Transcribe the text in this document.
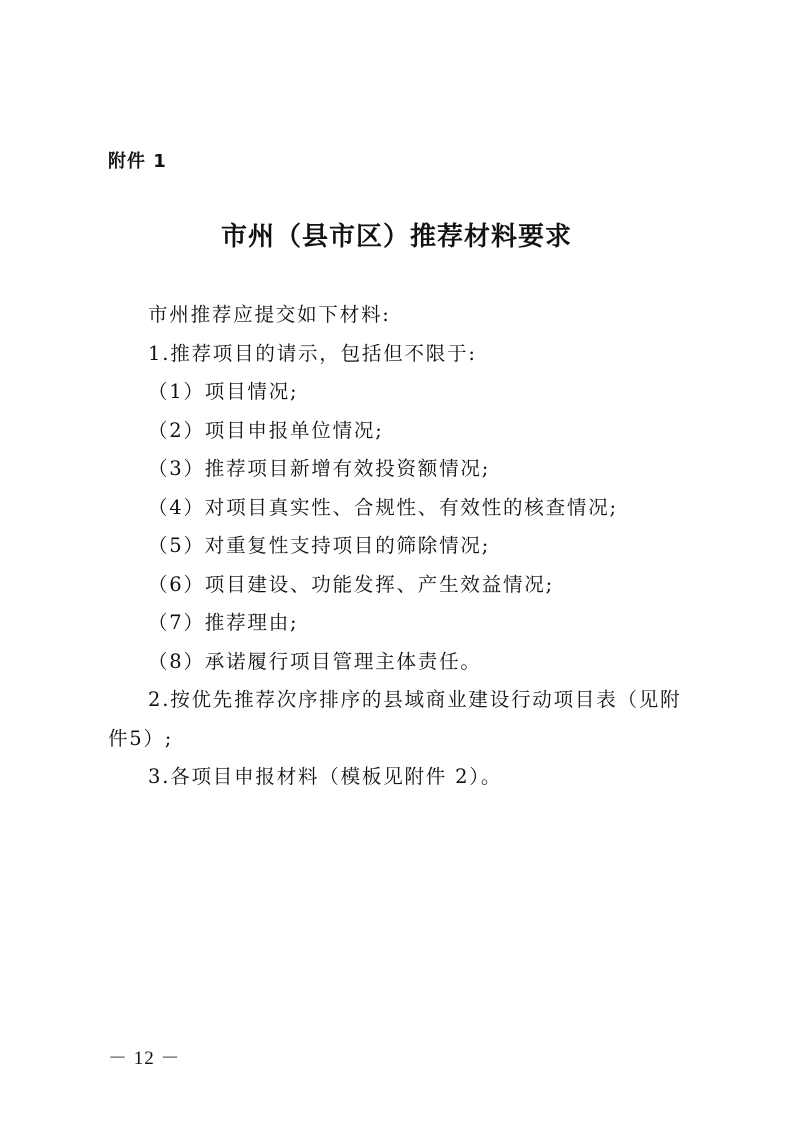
附件 1
市州（县市区）推荐材料要求

市州推荐应提交如下材料:

1.推荐项目的请示，包括但不限于:

（1）项目情况;

（2）项目申报单位情况;

（3）推荐项目新增有效投资额情况;

（4）对项目真实性、合规性、有效性的核查情况;

（5）对重复性支持项目的筛除情况;

（6）项目建设、功能发挥、产生效益情况;

（7）推荐理由;

（8）承诺履行项目管理主体责任。

2.按优先推荐次序排序的县域商业建设行动项目表（见附件5）;

3.各项目申报材料（模板见附件 2）。

－ 12 －
